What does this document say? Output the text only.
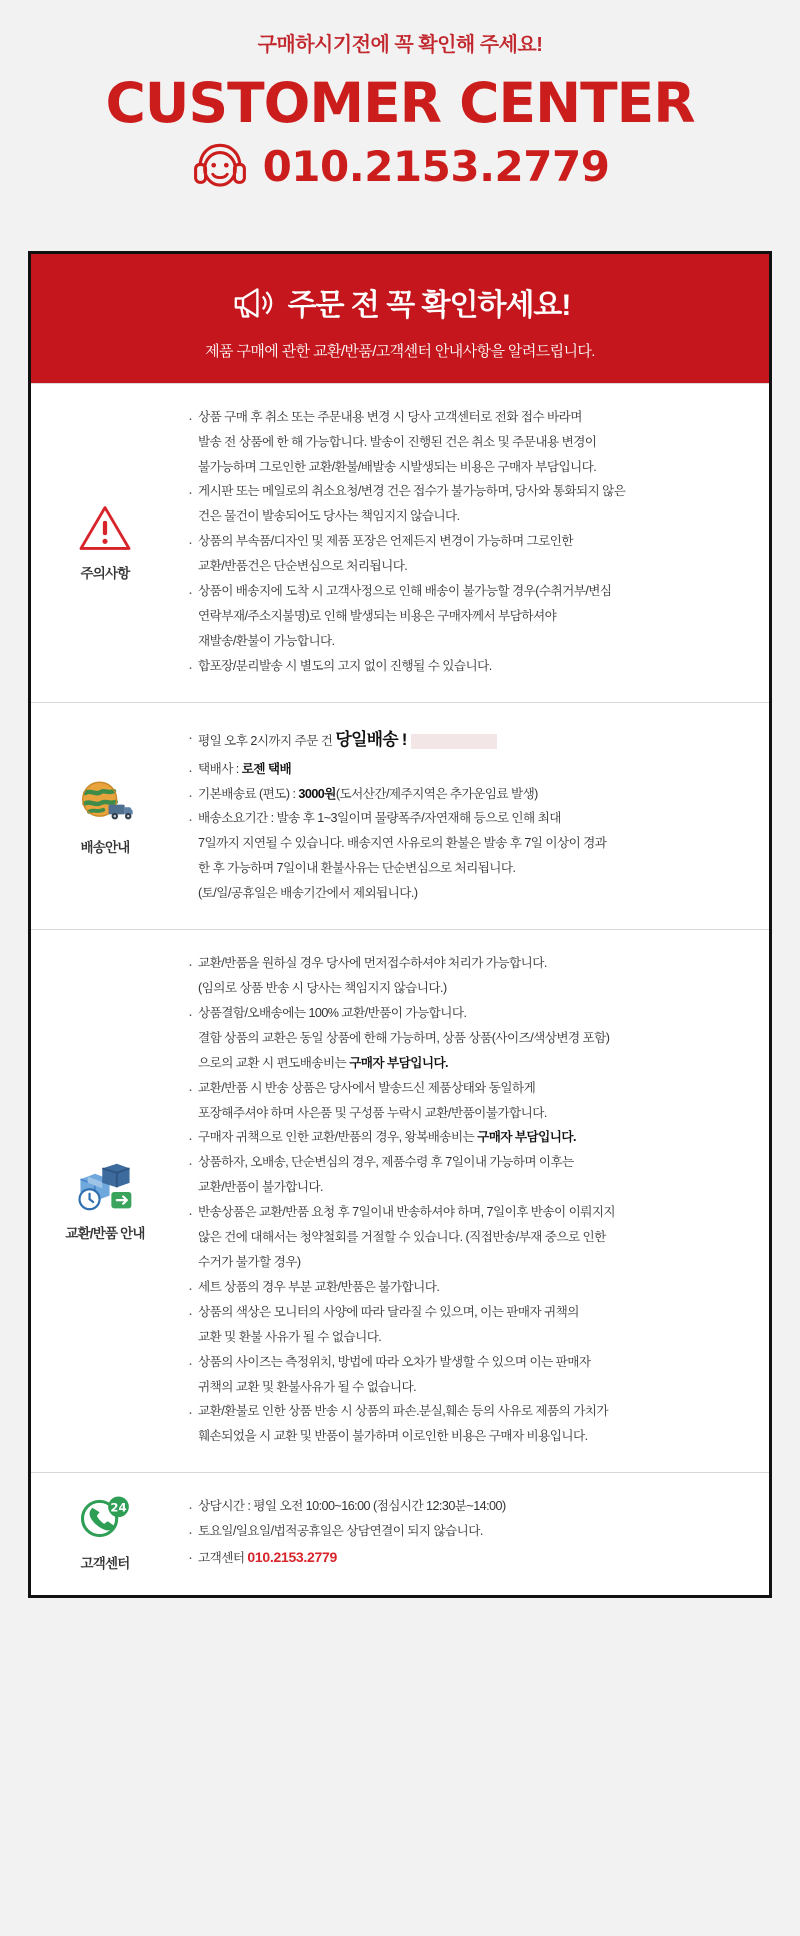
구매하시기전에 꼭 확인해 주세요!
CUSTOMER CENTER
010.2153.2779
주문 전 꼭 확인하세요!
제품 구매에 관한 교환/반품/고객센터 안내사항을 알려드립니다.
주의사항
· 상품 구매 후 취소 또는 주문내용 변경 시 당사 고객센터로 전화 접수 바라며
발송 전 상품에 한 해 가능합니다. 발송이 진행된 건은 취소 및 주문내용 변경이
불가능하며 그로인한 교환/환불/배발송 시발생되는 비용은 구매자 부담입니다.
· 게시판 또는 메일로의 취소요청/변경 건은 접수가 불가능하며, 당사와 통화되지 않은
건은 물건이 발송되어도 당사는 책임지지 않습니다.
· 상품의 부속품/디자인 및 제품 포장은 언제든지 변경이 가능하며 그로인한
교환/반품건은 단순변심으로 처리됩니다.
· 상품이 배송지에 도착 시 고객사정으로 인해 배송이 불가능할 경우(수취거부/변심
연락부재/주소지불명)로 인해 발생되는 비용은 구매자께서 부담하셔야
재발송/환불이 가능합니다.
· 합포장/분리발송 시 별도의 고지 없이 진행될 수 있습니다.
배송안내
· 평일 오후 2시까지 주문 건 당일배송 !
· 택배사 : 로젠 택배
· 기본배송료 (편도) : 3000원(도서산간/제주지역은 추가운임료 발생)
· 배송소요기간 : 발송 후 1~3일이며 물량폭주/자연재해 등으로 인해 최대
7일까지 지연될 수 있습니다. 배송지연 사유로의 환불은 발송 후 7일 이상이 경과
한 후 가능하며 7일이내 환불사유는 단순변심으로 처리됩니다.
(토/일/공휴일은 배송기간에서 제외됩니다.)
교환/반품 안내
· 교환/반품을 원하실 경우 당사에 먼저접수하셔야 처리가 가능합니다.
(임의로 상품 반송 시 당사는 책임지지 않습니다.)
· 상품결함/오배송에는 100% 교환/반품이 가능합니다.
결함 상품의 교환은 동일 상품에 한해 가능하며, 상품 상품(사이즈/색상변경 포함)
으로의 교환 시 편도배송비는 구매자 부담입니다.
· 교환/반품 시 반송 상품은 당사에서 발송드신 제품상태와 동일하게
포장해주셔야 하며 사은품 및 구성품 누락시 교환/반품이불가합니다.
· 구매자 귀책으로 인한 교환/반품의 경우, 왕복배송비는 구매자 부담입니다.
· 상품하자, 오배송, 단순변심의 경우, 제품수령 후 7일이내 가능하며 이후는
교환/반품이 불가합니다.
· 반송상품은 교환/반품 요청 후 7일이내 반송하셔야 하며, 7일이후 반송이 이뤄지지
않은 건에 대해서는 청약철회를 거절할 수 있습니다. (직접반송/부재 중으로 인한
수거가 불가할 경우)
· 세트 상품의 경우 부분 교환/반품은 불가합니다.
· 상품의 색상은 모니터의 사양에 따라 달라질 수 있으며, 이는 판매자 귀책의
교환 및 환불 사유가 될 수 없습니다.
· 상품의 사이즈는 측정위치, 방법에 따라 오차가 발생할 수 있으며 이는 판매자
귀책의 교환 및 환불사유가 될 수 없습니다.
· 교환/환불로 인한 상품 반송 시 상품의 파손.분실,훼손 등의 사유로 제품의 가치가
훼손되었을 시 교환 및 반품이 불가하며 이로인한 비용은 구매자 비용입니다.
24
고객센터
· 상담시간 : 평일 오전 10:00~16:00 (점심시간 12:30분~14:00)
· 토요일/일요일/법적공휴일은 상담연결이 되지 않습니다.
· 고객센터 010.2153.2779
